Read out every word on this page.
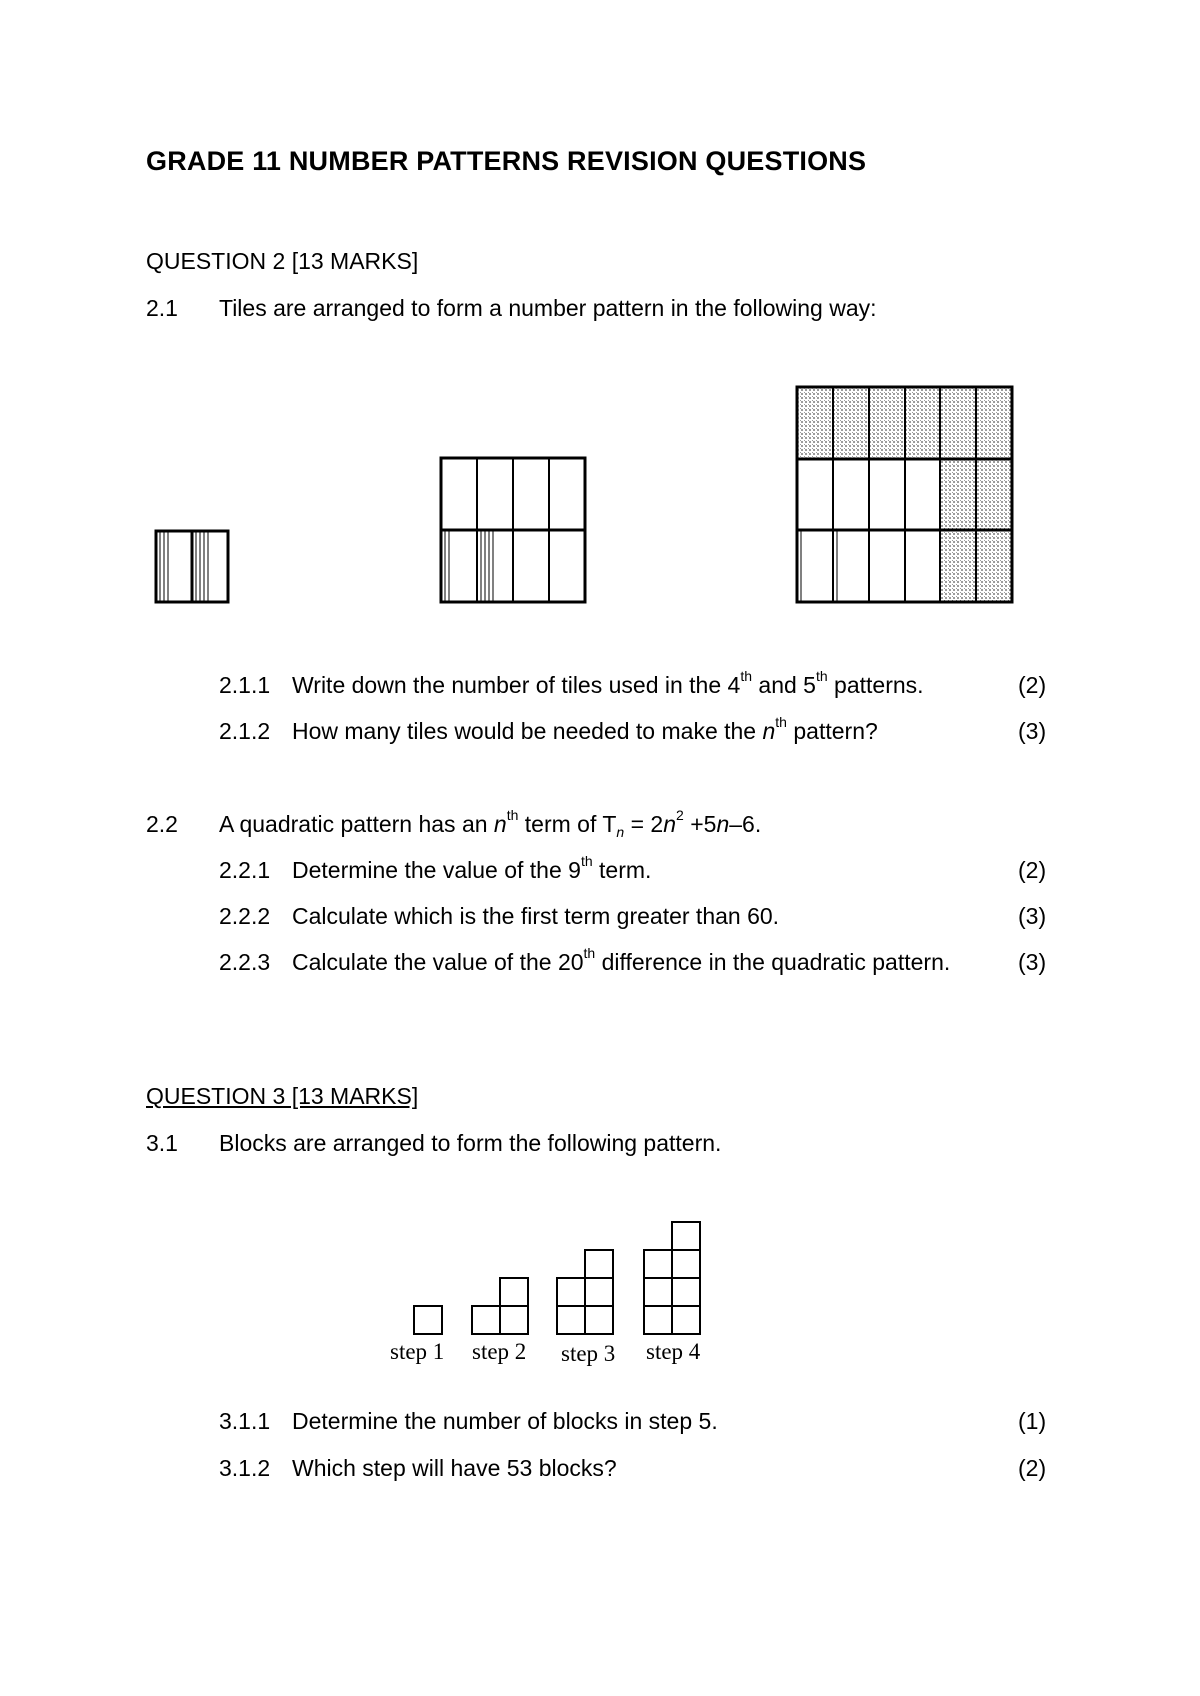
GRADE 11 NUMBER PATTERNS REVISION QUESTIONS
QUESTION 2 [13 MARKS]
2.1 Tiles are arranged to form a number pattern in the following way:
2.1.1 Write down the number of tiles used in the 4th and 5th patterns.	(2)
2.1.2 How many tiles would be needed to make the $n^{th}$ pattern?	(3)
2.2 A quadratic pattern has an $n^{th}$ term of $T_n = 2n^2 +5n-6$.
2.2.1 Determine the value of the 9th term.	(2)
2.2.2 Calculate which is the first term greater than 60.	(3)
2.2.3 Calculate the value of the 20th difference in the quadratic pattern.	(3)
QUESTION 3 [13 MARKS]
3.1 Blocks are arranged to form the following pattern.
step 1 step 2 step 3 step 4
3.1.1 Determine the number of blocks in step 5.	(1)
3.1.2 Which step will have 53 blocks?	(2)
